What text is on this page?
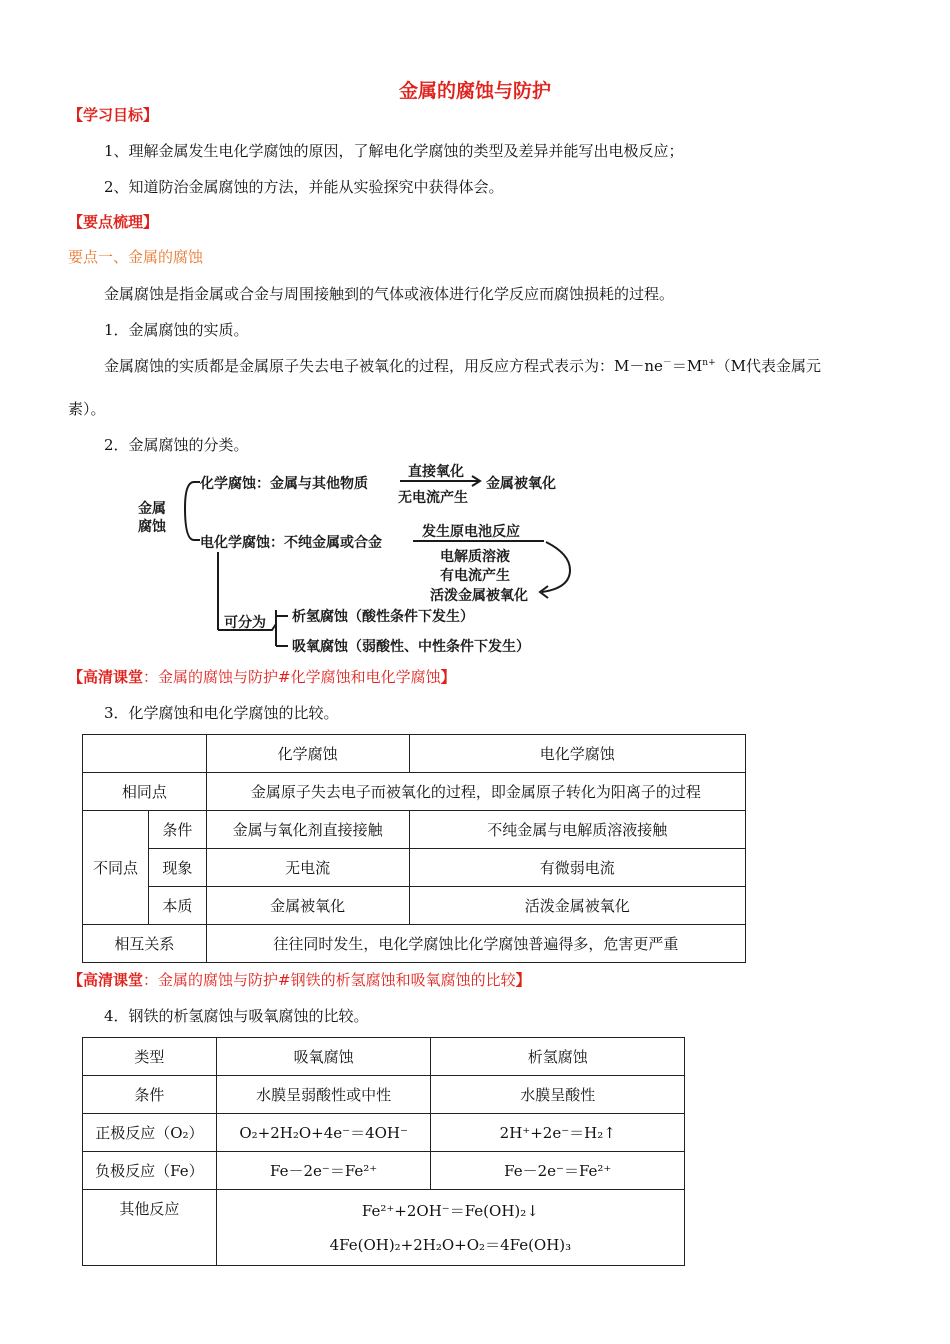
金属的腐蚀与防护
【学习目标】
1、理解金属发生电化学腐蚀的原因，了解电化学腐蚀的类型及差异并能写出电极反应；
2、知道防治金属腐蚀的方法，并能从实验探究中获得体会。
【要点梳理】
要点一、金属的腐蚀
金属腐蚀是指金属或合金与周围接触到的气体或液体进行化学反应而腐蚀损耗的过程。
1．金属腐蚀的实质。
金属腐蚀的实质都是金属原子失去电子被氧化的过程，用反应方程式表示为：$M-ne^-=M^{n+}(M$代表金属元
素）。
2．金属腐蚀的分类。
金属
腐蚀
化学腐蚀：金属与其他物质
直接氧化
无电流产生
金属被氧化
电化学腐蚀：不纯金属或合金
发生原电池反应
电解质溶液
有电流产生
活泼金属被氧化
可分为 析氢腐蚀（酸性条件下发生）
吸氧腐蚀（弱酸性、中性条件下发生）
【高清课堂：金属的腐蚀与防护#化学腐蚀和电化学腐蚀】
3．化学腐蚀和电化学腐蚀的比较。
		化学腐蚀	电化学腐蚀
相同点		金属原子失去电子而被氧化的过程，即金属原子转化为阳离子的过程	
不同点	条件	金属与氧化剂直接接触	不纯金属与电解质溶液接触
	现象	无电流	有微弱电流
	本质	金属被氧化	活泼金属被氧化
相互关系		往往同时发生，电化学腐蚀比化学腐蚀普遍得多，危害更严重	
【高清课堂：金属的腐蚀与防护#钢铁的析氢腐蚀和吸氧腐蚀的比较】
4．钢铁的析氢腐蚀与吸氧腐蚀的比较。
类型	吸氧腐蚀	析氢腐蚀
条件	水膜呈弱酸性或中性	水膜呈酸性
正极反应（O₂）	O₂+2H₂O+4e⁻＝4OH⁻	2H⁺+2e⁻＝H₂↑
负极反应（Fe）	Fe－2e⁻＝Fe²⁺	Fe－2e⁻＝Fe²⁺
其他反应	Fe²⁺+2OH⁻＝Fe(OH)₂↓
4Fe(OH)₂+2H₂O+O₂＝4Fe(OH)₃	
